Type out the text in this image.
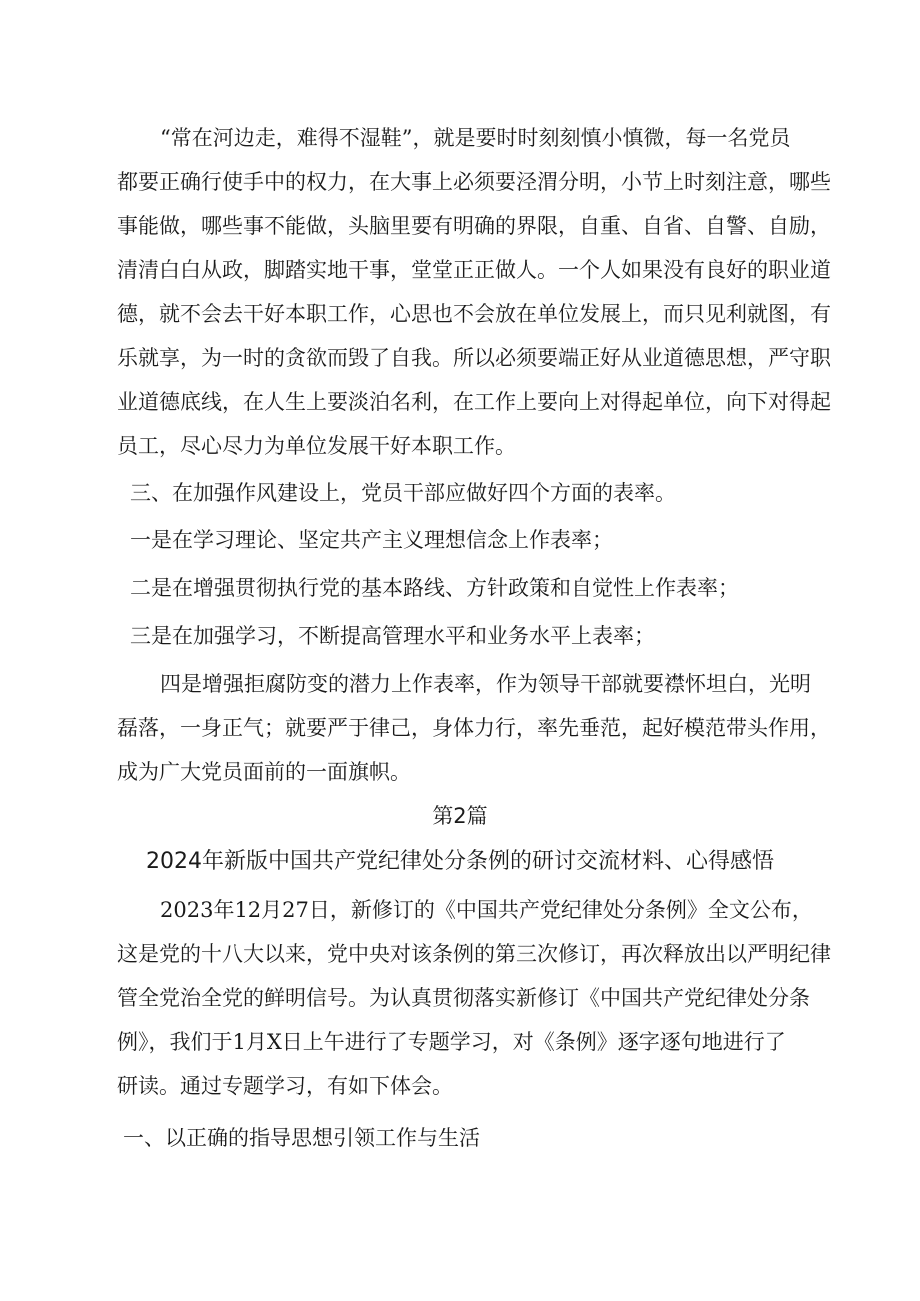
“常在河边走，难得不湿鞋”，就是要时时刻刻慎小慎微，每一名党员
都要正确行使手中的权力，在大事上必须要泾渭分明，小节上时刻注意，哪些
事能做，哪些事不能做，头脑里要有明确的界限，自重、自省、自警、自励，
清清白白从政，脚踏实地干事，堂堂正正做人。一个人如果没有良好的职业道
德，就不会去干好本职工作，心思也不会放在单位发展上，而只见利就图，有
乐就享，为一时的贪欲而毁了自我。所以必须要端正好从业道德思想，严守职
业道德底线，在人生上要淡泊名利，在工作上要向上对得起单位，向下对得起
员工，尽心尽力为单位发展干好本职工作。
三、在加强作风建设上，党员干部应做好四个方面的表率。
一是在学习理论、坚定共产主义理想信念上作表率；
二是在增强贯彻执行党的基本路线、方针政策和自觉性上作表率；
三是在加强学习，不断提高管理水平和业务水平上表率；
四是增强拒腐防变的潜力上作表率，作为领导干部就要襟怀坦白，光明
磊落，一身正气；就要严于律己，身体力行，率先垂范，起好模范带头作用，
成为广大党员面前的一面旗帜。
第2篇
2024年新版中国共产党纪律处分条例的研讨交流材料、心得感悟
2023年12月27日，新修订的《中国共产党纪律处分条例》全文公布，
这是党的十八大以来，党中央对该条例的第三次修订，再次释放出以严明纪律
管全党治全党的鲜明信号。为认真贯彻落实新修订《中国共产党纪律处分条
例》，我们于1月X日上午进行了专题学习，对《条例》逐字逐句地进行了
研读。通过专题学习，有如下体会。
一、以正确的指导思想引领工作与生活
